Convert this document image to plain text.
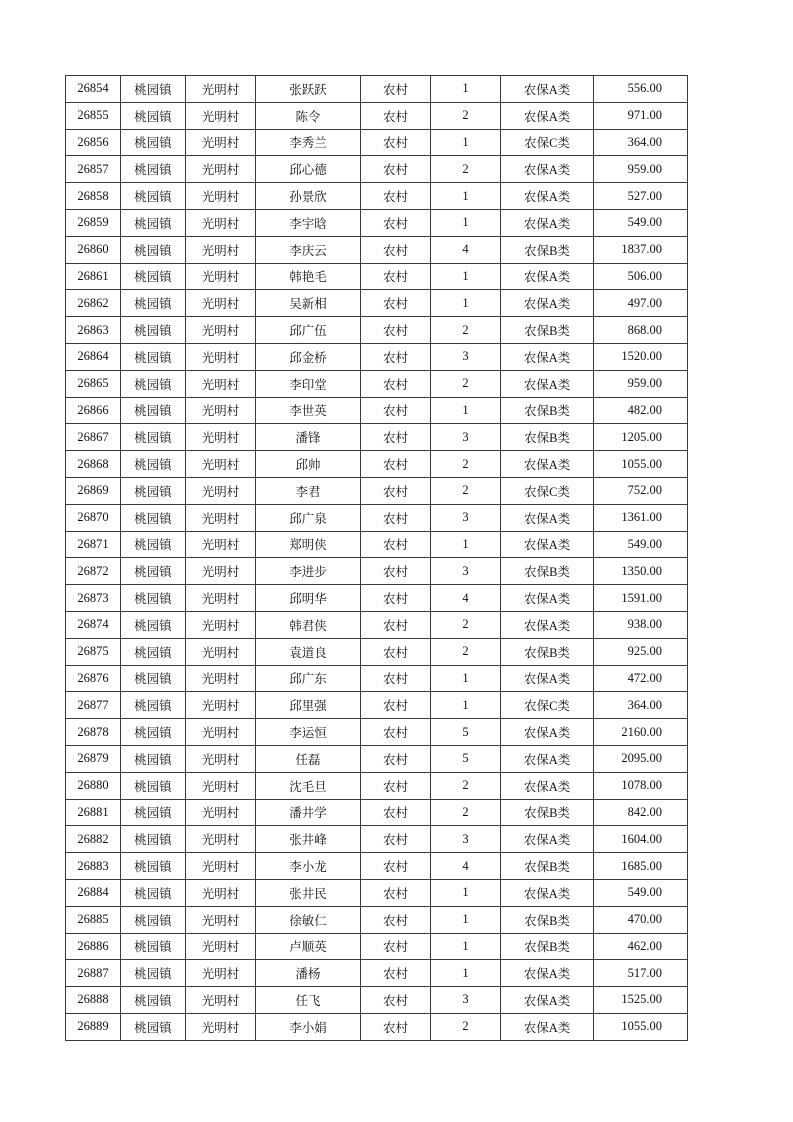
26854	桃园镇	光明村	张跃跃	农村	1	农保A类	556.00
26855	桃园镇	光明村	陈令	农村	2	农保A类	971.00
26856	桃园镇	光明村	李秀兰	农村	1	农保C类	364.00
26857	桃园镇	光明村	邱心德	农村	2	农保A类	959.00
26858	桃园镇	光明村	孙景欣	农村	1	农保A类	527.00
26859	桃园镇	光明村	李宇晗	农村	1	农保A类	549.00
26860	桃园镇	光明村	李庆云	农村	4	农保B类	1837.00
26861	桃园镇	光明村	韩艳毛	农村	1	农保A类	506.00
26862	桃园镇	光明村	吴新相	农村	1	农保A类	497.00
26863	桃园镇	光明村	邱广伍	农村	2	农保B类	868.00
26864	桃园镇	光明村	邱金桥	农村	3	农保A类	1520.00
26865	桃园镇	光明村	李印堂	农村	2	农保A类	959.00
26866	桃园镇	光明村	李世英	农村	1	农保B类	482.00
26867	桃园镇	光明村	潘锋	农村	3	农保B类	1205.00
26868	桃园镇	光明村	邱帅	农村	2	农保A类	1055.00
26869	桃园镇	光明村	李君	农村	2	农保C类	752.00
26870	桃园镇	光明村	邱广泉	农村	3	农保A类	1361.00
26871	桃园镇	光明村	郑明侠	农村	1	农保A类	549.00
26872	桃园镇	光明村	李进步	农村	3	农保B类	1350.00
26873	桃园镇	光明村	邱明华	农村	4	农保A类	1591.00
26874	桃园镇	光明村	韩君侠	农村	2	农保A类	938.00
26875	桃园镇	光明村	袁道良	农村	2	农保B类	925.00
26876	桃园镇	光明村	邱广东	农村	1	农保A类	472.00
26877	桃园镇	光明村	邱里强	农村	1	农保C类	364.00
26878	桃园镇	光明村	李运恒	农村	5	农保A类	2160.00
26879	桃园镇	光明村	任磊	农村	5	农保A类	2095.00
26880	桃园镇	光明村	沈毛旦	农村	2	农保A类	1078.00
26881	桃园镇	光明村	潘井学	农村	2	农保B类	842.00
26882	桃园镇	光明村	张井峰	农村	3	农保A类	1604.00
26883	桃园镇	光明村	李小龙	农村	4	农保B类	1685.00
26884	桃园镇	光明村	张井民	农村	1	农保A类	549.00
26885	桃园镇	光明村	徐敏仁	农村	1	农保B类	470.00
26886	桃园镇	光明村	卢顺英	农村	1	农保B类	462.00
26887	桃园镇	光明村	潘杨	农村	1	农保A类	517.00
26888	桃园镇	光明村	任飞	农村	3	农保A类	1525.00
26889	桃园镇	光明村	李小娟	农村	2	农保A类	1055.00
